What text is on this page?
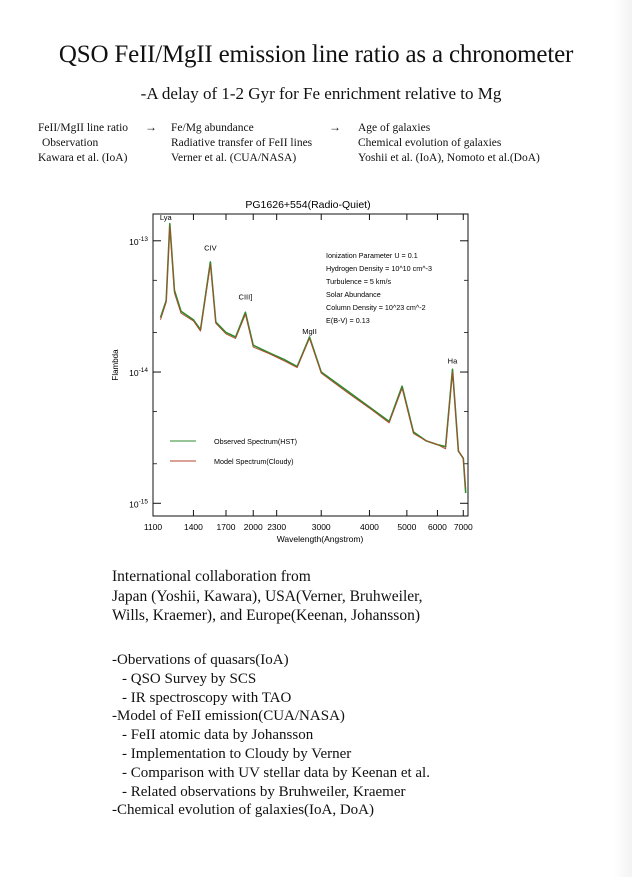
QSO FeII/MgII emission line ratio as a chronometer
-A delay of 1-2 Gyr for Fe enrichment relative to Mg
FeII/MgII line ratio
Observation
Kawara et al. (IoA)
→ Fe/Mg abundance
Radiative transfer of FeII lines
Verner et al. (CUA/NASA)
→ Age of galaxies
Chemical evolution of galaxies
Yoshii et al. (IoA), Nomoto et al.(DoA)
PG1626+554(Radio-Quiet)
1100	1400 1700 2000 2300	3000	4000 5000 6000 7000
$10^{-13}$
$10^{-14}$
$10^{-15}$
Lya
CIV
CIII]
MgII
Ha
Ionization Parameter U = 0.1
Hydrogen Density = 10^10 cm^-3
Turbulence = 5 km/s
Solar Abundance
Column Density = 10^23 cm^-2
E(B-V) = 0.13
Observed Spectrum(HST)
Model Spectrum(Cloudy)
Wavelength(Angstrom)
Flambda
International collaboration from
Japan (Yoshii, Kawara), USA(Verner, Bruhweiler,
Wills, Kraemer), and Europe(Keenan, Johansson)
-Obervations of quasars(IoA)
- QSO Survey by SCS
- IR spectroscopy with TAO
-Model of FeII emission(CUA/NASA)
- FeII atomic data by Johansson
- Implementation to Cloudy by Verner
- Comparison with UV stellar data by Keenan et al.
- Related observations by Bruhweiler, Kraemer
-Chemical evolution of galaxies(IoA, DoA)
